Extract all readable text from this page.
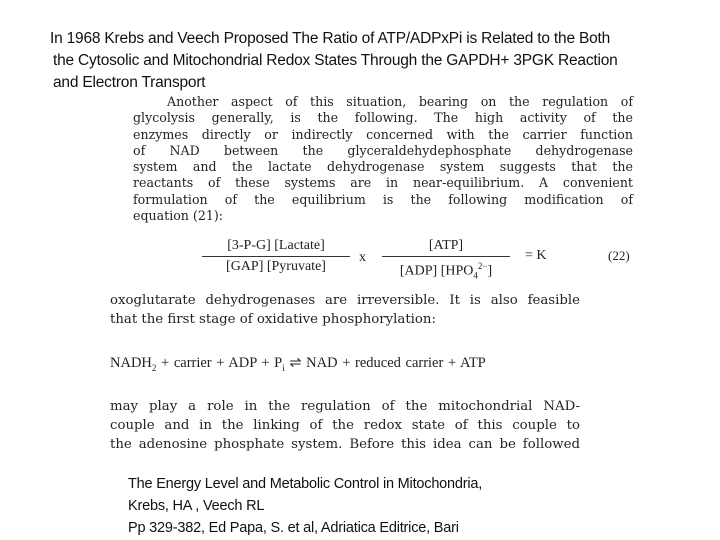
In 1968 Krebs and Veech Proposed The Ratio of ATP/ADPxPi is Related to the Both
the Cytosolic and Mitochondrial Redox States Through the GAPDH+ 3PGK Reaction
and Electron Transport
Another aspect of this situation, bearing on the regulation of
glycolysis generally, is the following. The high activity of the
enzymes directly or indirectly concerned with the carrier function
of NAD between the glyceraldehydephosphate dehydrogenase
system and the lactate dehydrogenase system suggests that the
reactants of these systems are in near-equilibrium. A convenient
formulation of the equilibrium is the following modification of
equation (21):
[3-P-G] [Lactate]
[GAP] [Pyruvate]
x
[ATP]
[ADP] $[HPO_4^{2-}]$
= K	(22)
oxoglutarate dehydrogenases are irreversible. It is also feasible
that the first stage of oxidative phosphorylation:
$NADH_2$ + carrier + ADP + $P_i$ ⇌ NAD + reduced carrier + ATP
may play a role in the regulation of the mitochondrial NAD-
couple and in the linking of the redox state of this couple to
the adenosine phosphate system. Before this idea can be followed
The Energy Level and Metabolic Control in Mitochondria,
Krebs, HA , Veech RL
Pp 329-382, Ed Papa, S. et al, Adriatica Editrice, Bari
